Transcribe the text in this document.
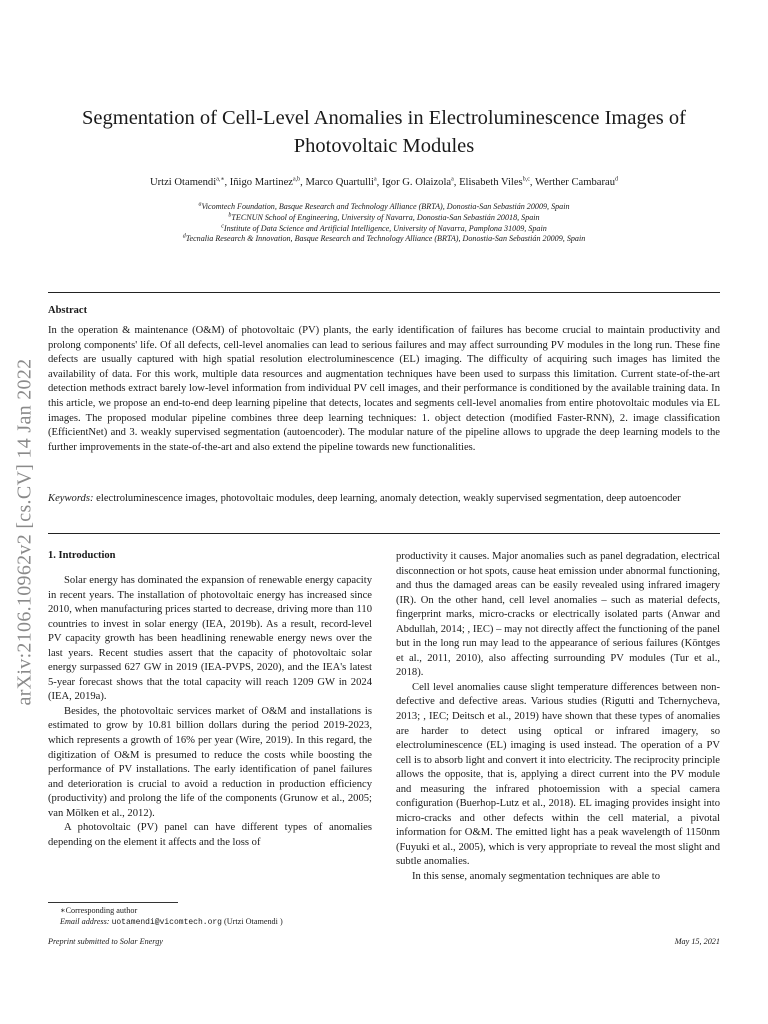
arXiv:2106.10962v2 [cs.CV] 14 Jan 2022
Segmentation of Cell-Level Anomalies in Electroluminescence Images of
Photovoltaic Modules
Urtzi Otamendi$^{a,∗}$, Iñigo Martinez$^{a,b}$, Marco Quartulli$^a$, Igor G. Olaizola$^a$, Elisabeth Viles$^{b,c}$, Werther Cambarau$^d$
$^a$Vicomtech Foundation, Basque Research and Technology Alliance (BRTA), Donostia-San Sebastián 20009, Spain
$^b$TECNUN School of Engineering, University of Navarra, Donostia-San Sebastián 20018, Spain
$^c$Institute of Data Science and Artificial Intelligence, University of Navarra, Pamplona 31009, Spain
$^d$Tecnalia Research & Innovation, Basque Research and Technology Alliance (BRTA), Donostia-San Sebastián 20009, Spain
Abstract
In the operation & maintenance (O&M) of photovoltaic (PV) plants, the early identification of failures has become crucial to maintain productivity and prolong components' life. Of all defects, cell-level anomalies can lead to serious failures and may affect surrounding PV modules in the long run. These fine defects are usually captured with high spatial resolution electroluminescence (EL) imaging. The difficulty of acquiring such images has limited the availability of data. For this work, multiple data resources and augmentation techniques have been used to surpass this limitation. Current state-of-the-art detection methods extract barely low-level information from individual PV cell images, and their performance is conditioned by the available training data. In this article, we propose an end-to-end deep learning pipeline that detects, locates and segments cell-level anomalies from entire photovoltaic modules via EL images. The proposed modular pipeline combines three deep learning techniques: 1. object detection (modified Faster-RNN), 2. image classification (EfficientNet) and 3. weakly supervised segmentation (autoencoder). The modular nature of the pipeline allows to upgrade the deep learning models to the further improvements in the state-of-the-art and also extend the pipeline towards new functionalities.
Keywords: electroluminescence images, photovoltaic modules, deep learning, anomaly detection, weakly supervised segmentation, deep autoencoder
1. Introduction

Solar energy has dominated the expansion of renewable energy capacity in recent years. The installation of photovoltaic energy has increased since 2010, when manufacturing prices started to decrease, driving more than 110 countries to invest in solar energy (IEA, 2019b). As a result, record-level PV capacity growth has been headlining renewable energy news over the last years. Recent studies assert that the capacity of photovoltaic solar energy surpassed 627 GW in 2019 (IEA-PVPS, 2020), and the IEA's latest 5-year forecast shows that the total capacity will reach 1209 GW in 2024 (IEA, 2019a).

Besides, the photovoltaic services market of O&M and installations is estimated to grow by 10.81 billion dollars during the period 2019-2023, which represents a growth of 16% per year (Wire, 2019). In this regard, the digitization of O&M is presumed to reduce the costs while boosting the performance of PV installations. The early identification of panel failures and deterioration is crucial to avoid a reduction in production efficiency (productivity) and prolong the life of the components (Grunow et al., 2005; van Mölken et al., 2012).

A photovoltaic (PV) panel can have different types of anomalies depending on the element it affects and the loss of

productivity it causes. Major anomalies such as panel degradation, electrical disconnection or hot spots, cause heat emission under abnormal functioning, and thus the damaged areas can be easily revealed using infrared imagery (IR). On the other hand, cell level anomalies – such as material defects, fingerprint marks, micro-cracks or electrically isolated parts (Anwar and Abdullah, 2014; , IEC) – may not directly affect the functioning of the panel but in the long run may lead to the appearance of serious failures (Köntges et al., 2011, 2010), also affecting surrounding PV modules (Tur et al., 2018).

Cell level anomalies cause slight temperature differences between non-defective and defective areas. Various studies (Rigutti and Tchernycheva, 2013; , IEC; Deitsch et al., 2019) have shown that these types of anomalies are harder to detect using optical or infrared imagery, so electroluminescence (EL) imaging is used instead. The operation of a PV cell is to absorb light and convert it into electricity. The reciprocity principle allows the opposite, that is, applying a direct current into the PV module and measuring the infrared photoemission with a special camera configuration (Buerhop-Lutz et al., 2018). EL imaging provides insight into micro-cracks and other defects within the cell material, a pivotal information for O&M. The emitted light has a peak wavelength of 1150nm (Fuyuki et al., 2005), which is very appropriate to reveal the most slight and subtle anomalies.

In this sense, anomaly segmentation techniques are able to

∗Corresponding author
Email address: uotamendi@vicomtech.org (Urtzi Otamendi )
Preprint submitted to Solar Energy	May 15, 2021
